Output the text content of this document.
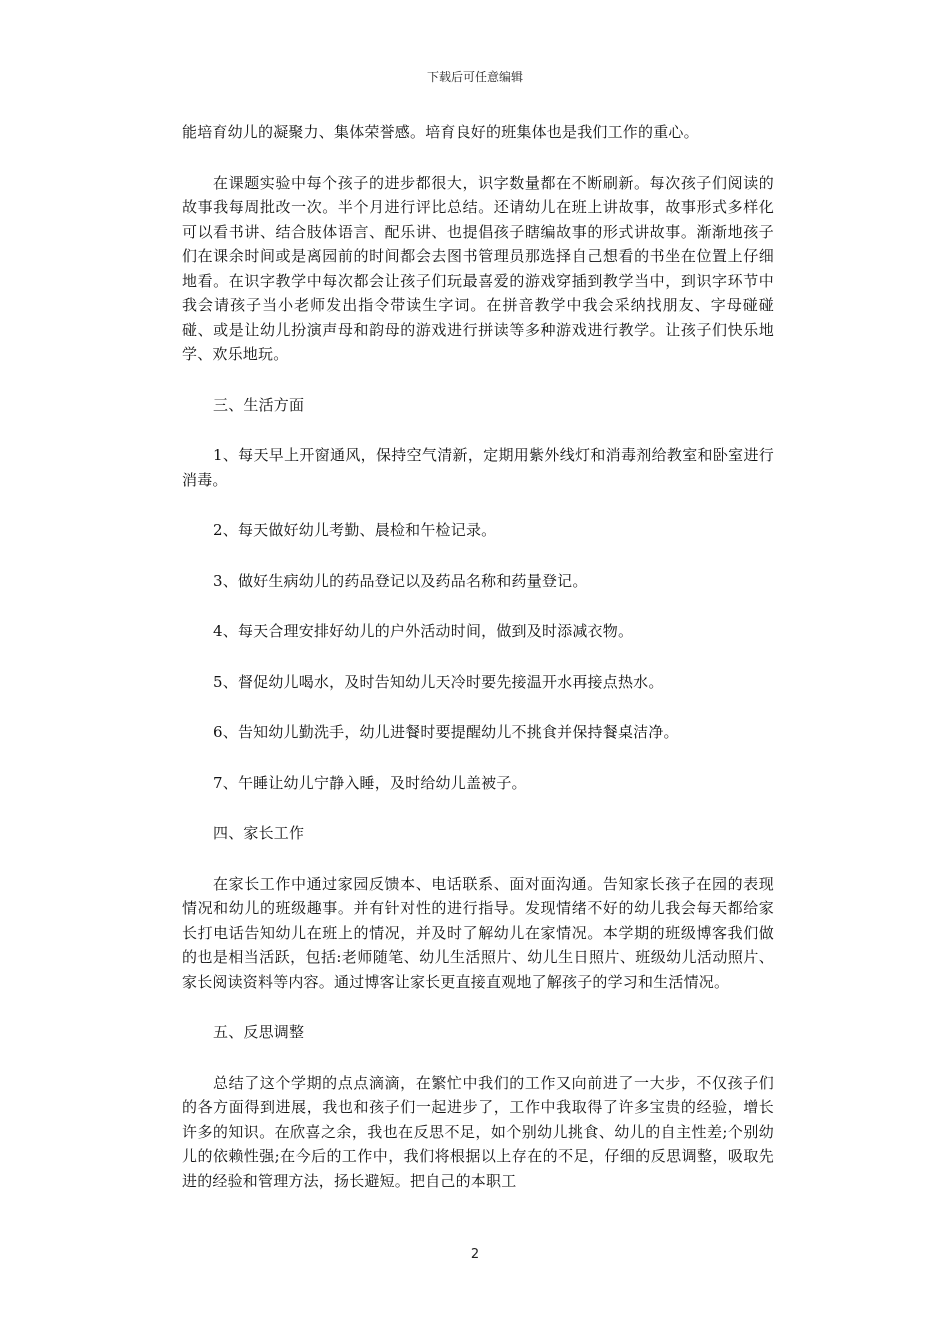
下载后可任意编辑

能培育幼儿的凝聚力、集体荣誉感。培育良好的班集体也是我们工作的重心。

在课题实验中每个孩子的进步都很大，识字数量都在不断刷新。每次孩子们阅读的故事我每周批改一次。半个月进行评比总结。还请幼儿在班上讲故事，故事形式多样化可以看书讲、结合肢体语言、配乐讲、也提倡孩子瞎编故事的形式讲故事。渐渐地孩子们在课余时间或是离园前的时间都会去图书管理员那选择自己想看的书坐在位置上仔细地看。在识字教学中每次都会让孩子们玩最喜爱的游戏穿插到教学当中，到识字环节中我会请孩子当小老师发出指令带读生字词。在拼音教学中我会采纳找朋友、字母碰碰碰、或是让幼儿扮演声母和韵母的游戏进行拼读等多种游戏进行教学。让孩子们快乐地学、欢乐地玩。

三、生活方面

1、每天早上开窗通风，保持空气清新，定期用紫外线灯和消毒剂给教室和卧室进行消毒。

2、每天做好幼儿考勤、晨检和午检记录。

3、做好生病幼儿的药品登记以及药品名称和药量登记。

4、每天合理安排好幼儿的户外活动时间，做到及时添减衣物。

5、督促幼儿喝水，及时告知幼儿天冷时要先接温开水再接点热水。

6、告知幼儿勤洗手，幼儿进餐时要提醒幼儿不挑食并保持餐桌洁净。

7、午睡让幼儿宁静入睡，及时给幼儿盖被子。

四、家长工作

在家长工作中通过家园反馈本、电话联系、面对面沟通。告知家长孩子在园的表现情况和幼儿的班级趣事。并有针对性的进行指导。发现情绪不好的幼儿我会每天都给家长打电话告知幼儿在班上的情况，并及时了解幼儿在家情况。本学期的班级博客我们做的也是相当活跃，包括:老师随笔、幼儿生活照片、幼儿生日照片、班级幼儿活动照片、家长阅读资料等内容。通过博客让家长更直接直观地了解孩子的学习和生活情况。

五、反思调整

总结了这个学期的点点滴滴，在繁忙中我们的工作又向前进了一大步，不仅孩子们的各方面得到进展，我也和孩子们一起进步了，工作中我取得了许多宝贵的经验，增长许多的知识。在欣喜之余，我也在反思不足，如个别幼儿挑食、幼儿的自主性差;个别幼儿的依赖性强;在今后的工作中，我们将根据以上存在的不足，仔细的反思调整，吸取先进的经验和管理方法，扬长避短。把自己的本职工

2
